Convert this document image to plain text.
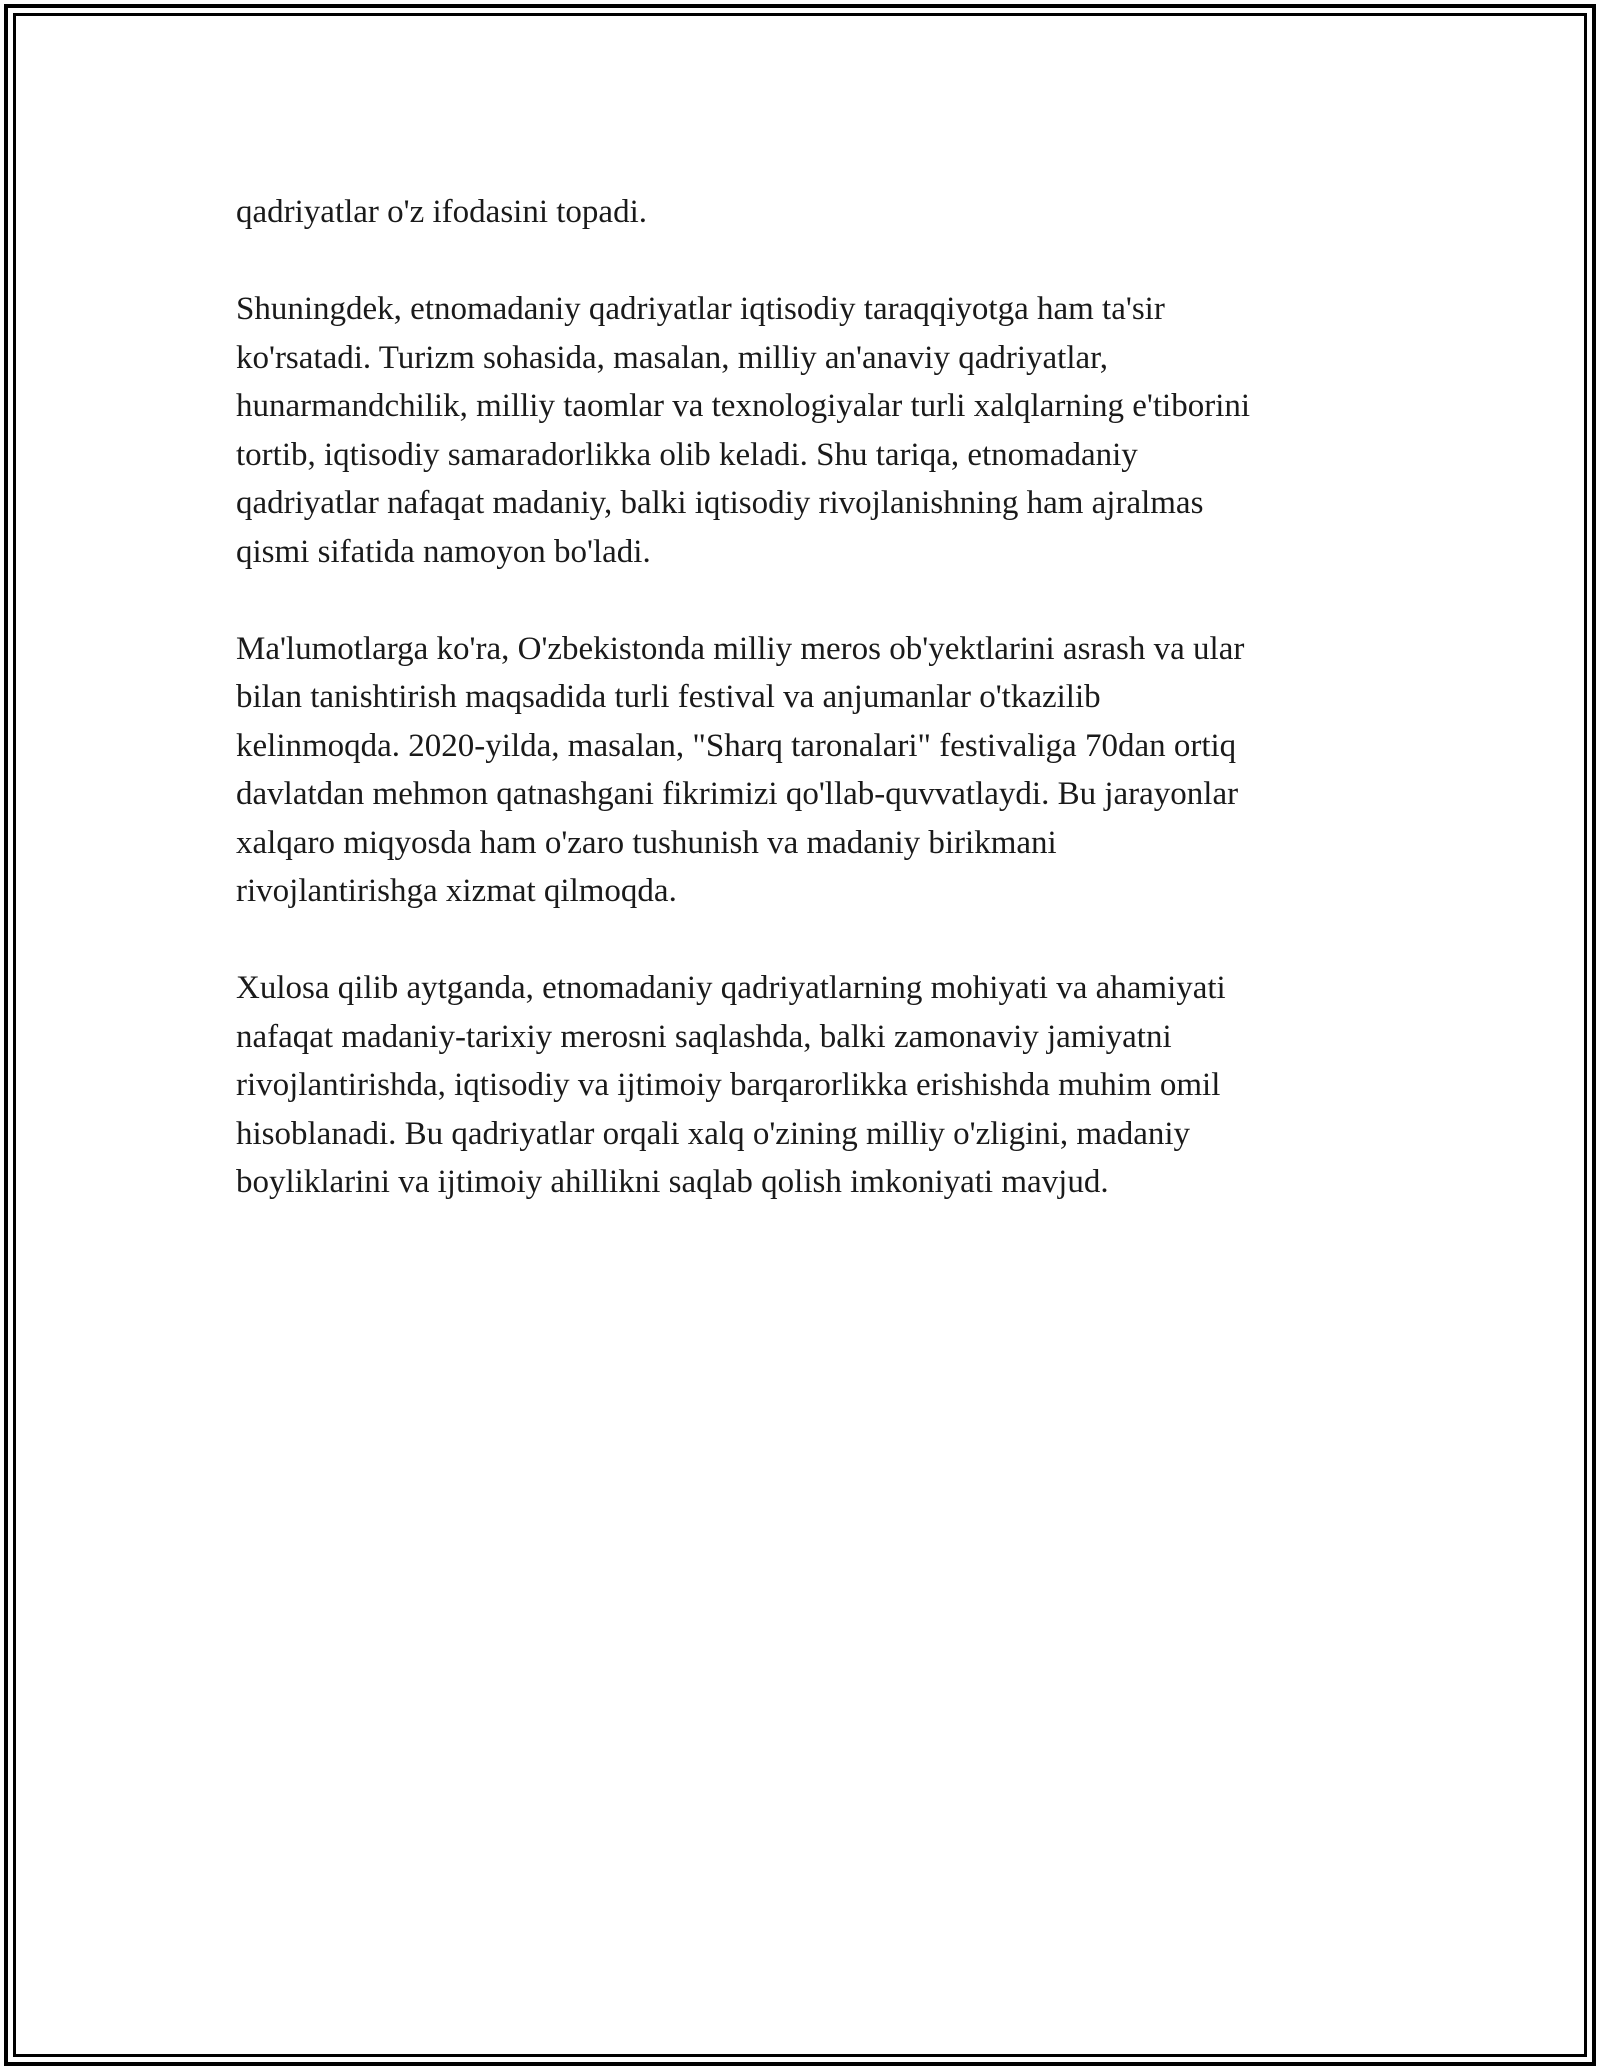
qadriyatlar o'z ifodasini topadi.

Shuningdek, etnomadaniy qadriyatlar iqtisodiy taraqqiyotga ham ta'sir
ko'rsatadi. Turizm sohasida, masalan, milliy an'anaviy qadriyatlar,
hunarmandchilik, milliy taomlar va texnologiyalar turli xalqlarning e'tiborini
tortib, iqtisodiy samaradorlikka olib keladi. Shu tariqa, etnomadaniy
qadriyatlar nafaqat madaniy, balki iqtisodiy rivojlanishning ham ajralmas
qismi sifatida namoyon bo'ladi.

Ma'lumotlarga ko'ra, O'zbekistonda milliy meros ob'yektlarini asrash va ular
bilan tanishtirish maqsadida turli festival va anjumanlar o'tkazilib
kelinmoqda. 2020-yilda, masalan, "Sharq taronalari" festivaliga 70dan ortiq
davlatdan mehmon qatnashgani fikrimizi qo'llab-quvvatlaydi. Bu jarayonlar
xalqaro miqyosda ham o'zaro tushunish va madaniy birikmani
rivojlantirishga xizmat qilmoqda.

Xulosa qilib aytganda, etnomadaniy qadriyatlarning mohiyati va ahamiyati
nafaqat madaniy-tarixiy merosni saqlashda, balki zamonaviy jamiyatni
rivojlantirishda, iqtisodiy va ijtimoiy barqarorlikka erishishda muhim omil
hisoblanadi. Bu qadriyatlar orqali xalq o'zining milliy o'zligini, madaniy
boyliklarini va ijtimoiy ahillikni saqlab qolish imkoniyati mavjud.
